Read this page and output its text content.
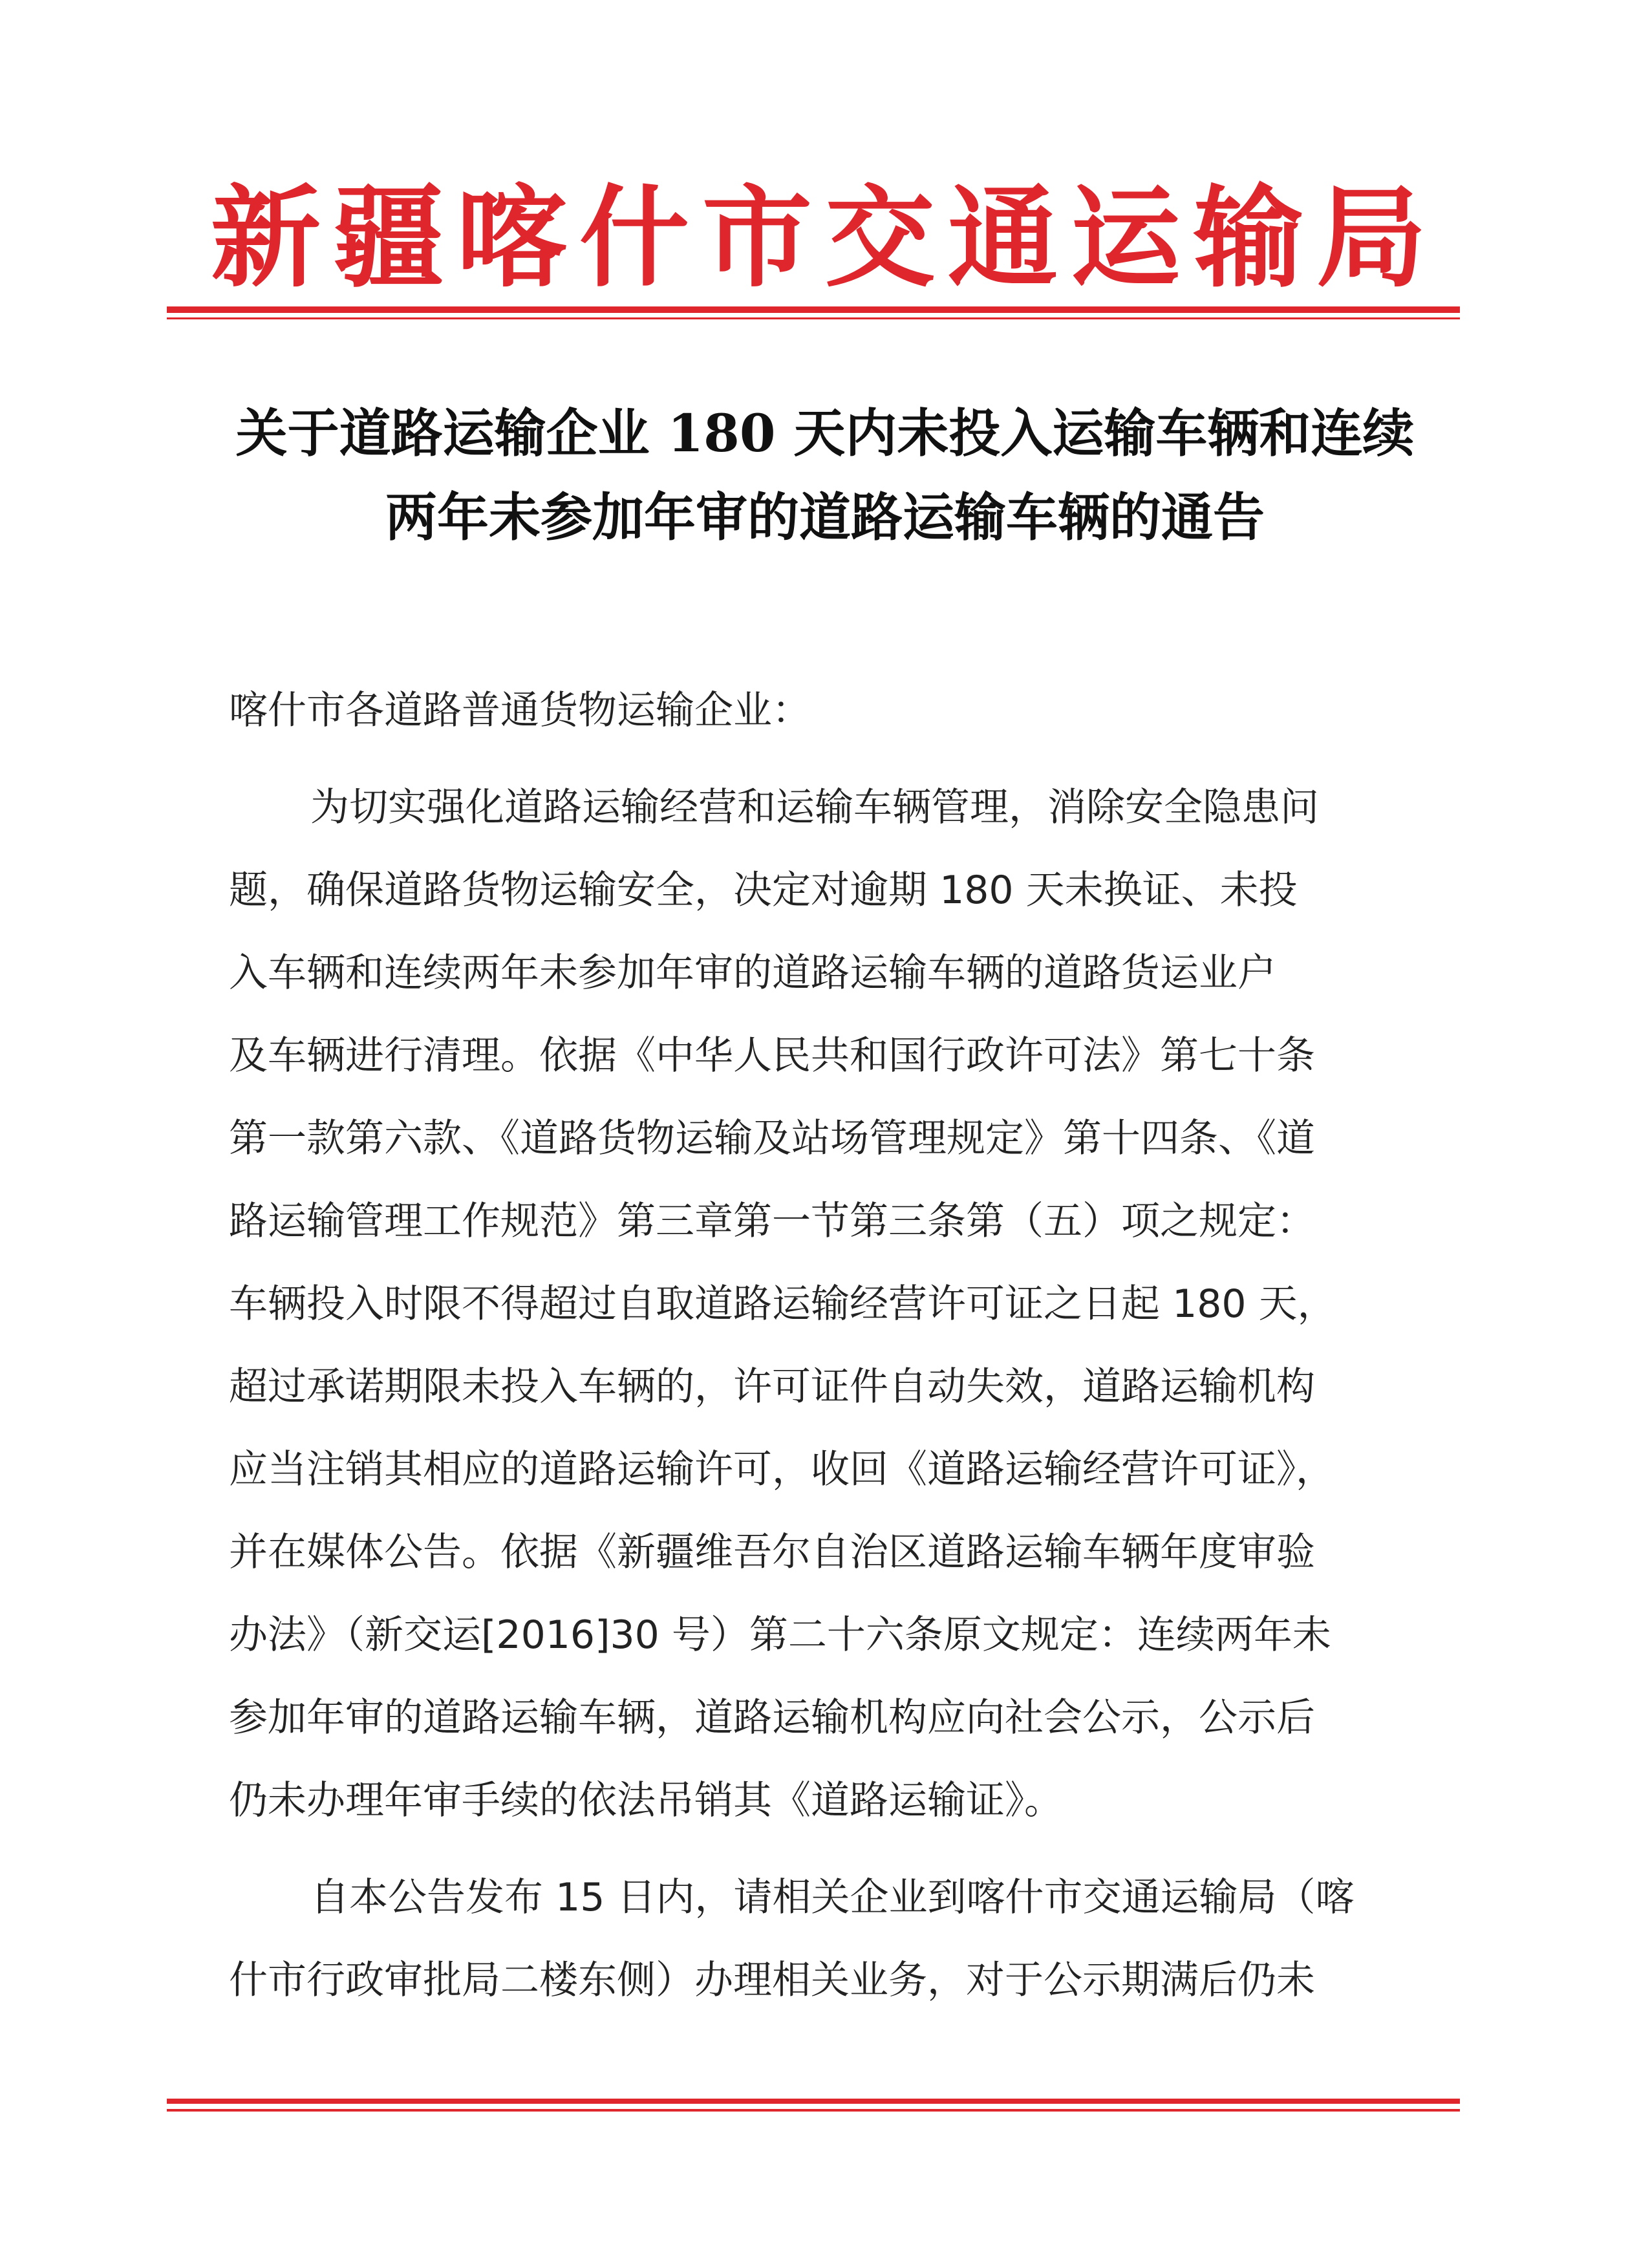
新疆喀什市交通运输局
关于道路运输企业 180 天内未投入运输车辆和连续
两年未参加年审的道路运输车辆的通告
喀什市各道路普通货物运输企业：
为切实强化道路运输经营和运输车辆管理，消除安全隐患问
题，确保道路货物运输安全，决定对逾期 180 天未换证、未投
入车辆和连续两年未参加年审的道路运输车辆的道路货运业户
及车辆进行清理。依据《中华人民共和国行政许可法》第七十条
第一款第六款、《道路货物运输及站场管理规定》第十四条、《道
路运输管理工作规范》第三章第一节第三条第（五）项之规定：
车辆投入时限不得超过自取道路运输经营许可证之日起 180 天，
超过承诺期限未投入车辆的，许可证件自动失效，道路运输机构
应当注销其相应的道路运输许可，收回《道路运输经营许可证》，
并在媒体公告。依据《新疆维吾尔自治区道路运输车辆年度审验
办法》（新交运[2016]30 号）第二十六条原文规定：连续两年未
参加年审的道路运输车辆，道路运输机构应向社会公示，公示后
仍未办理年审手续的依法吊销其《道路运输证》。
自本公告发布 15 日内，请相关企业到喀什市交通运输局（喀
什市行政审批局二楼东侧）办理相关业务，对于公示期满后仍未
